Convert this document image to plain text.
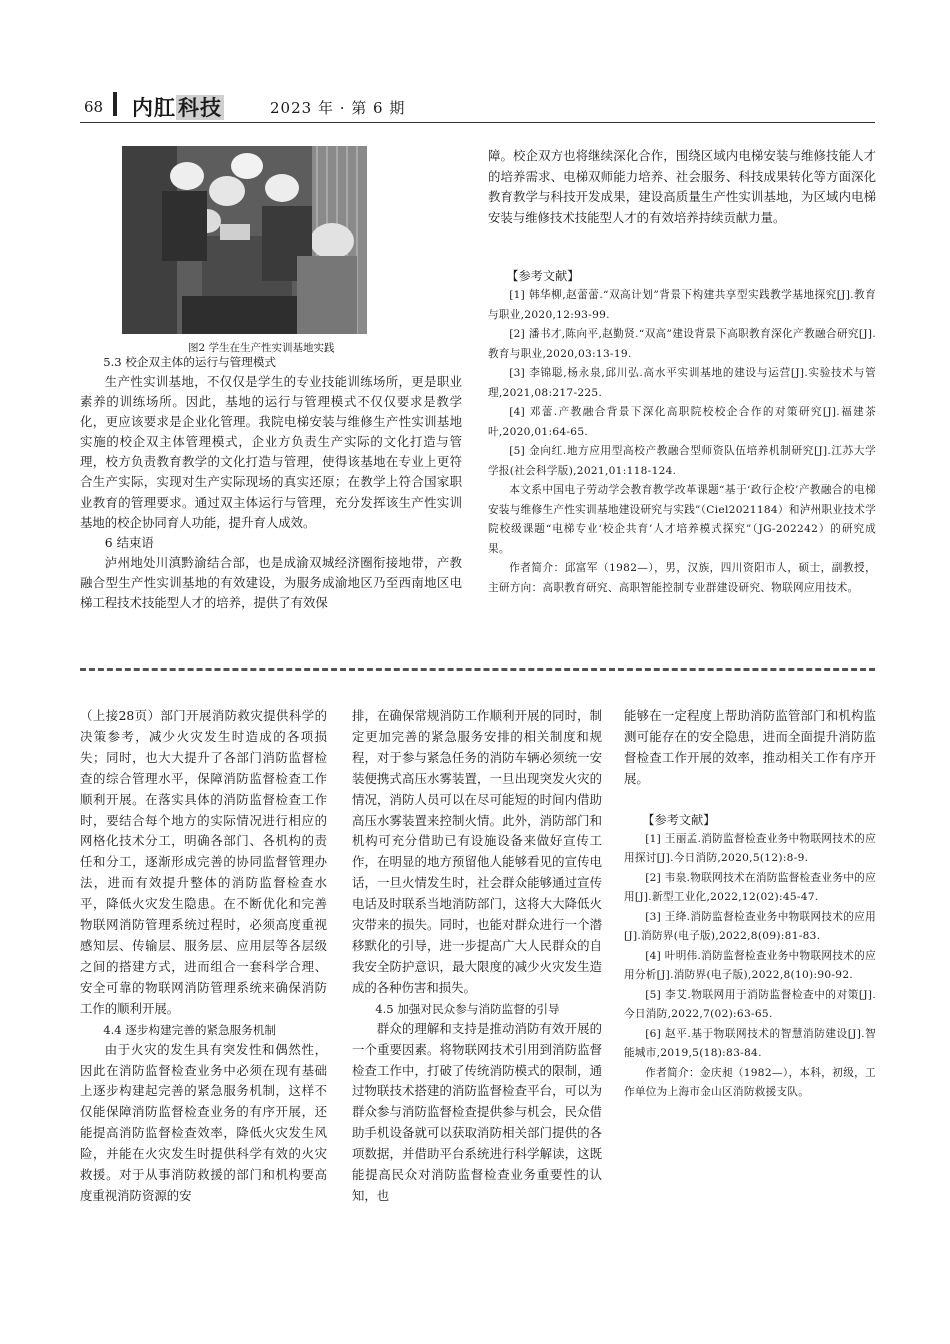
68 内肛科技	2023 年 · 第 6 期
图2 学生在生产性实训基地实践
5.3 校企双主体的运行与管理模式

生产性实训基地，不仅仅是学生的专业技能训练场所，更是职业素养的训练场所。因此，基地的运行与管理模式不仅仅要求是教学化，更应该要求是企业化管理。我院电梯安装与维修生产性实训基地实施的校企双主体管理模式，企业方负责生产实际的文化打造与管理，校方负责教育教学的文化打造与管理，使得该基地在专业上更符合生产实际，实现对生产实际现场的真实还原；在教学上符合国家职业教育的管理要求。通过双主体运行与管理，充分发挥该生产性实训基地的校企协同育人功能，提升育人成效。

6 结束语

泸州地处川滇黔渝结合部，也是成渝双城经济圈衔接地带，产教融合型生产性实训基地的有效建设，为服务成渝地区乃至西南地区电梯工程技术技能型人才的培养，提供了有效保

障。校企双方也将继续深化合作，围绕区域内电梯安装与维修技能人才的培养需求、电梯双师能力培养、社会服务、科技成果转化等方面深化教育教学与科技开发成果，建设高质量生产性实训基地，为区域内电梯安装与维修技术技能型人才的有效培养持续贡献力量。

【参考文献】
[1] 韩华柳,赵蕾蕾.“双高计划”背景下构建共享型实践教学基地探究[J].教育与职业,2020,12:93-99.
[2] 潘书才,陈向平,赵勤贤.“双高”建设背景下高职教育深化产教融合研究[J].教育与职业,2020,03:13-19.
[3] 李锦聪,杨永泉,邱川弘.高水平实训基地的建设与运营[J].实验技术与管理,2021,08:217-225.
[4] 邓蕾.产教融合背景下深化高职院校校企合作的对策研究[J].福建茶叶,2020,01:64-65.
[5] 金向红.地方应用型高校产教融合型师资队伍培养机制研究[J].江苏大学学报(社会科学版),2021,01:118-124.
本文系中国电子劳动学会教育教学改革课题“基于‘政行企校’产教融合的电梯安装与维修生产性实训基地建设研究与实践”（Ciel2021184）和泸州职业技术学院校级课题“电梯专业‘校企共育’人才培养模式探究”（JG-202242）的研究成果。
作者简介：邱富军（1982—），男，汉族，四川资阳市人，硕士，副教授，主研方向：高职教育研究、高职智能控制专业群建设研究、物联网应用技术。

（上接28页）部门开展消防救灾提供科学的决策参考，减少火灾发生时造成的各项损失；同时，也大大提升了各部门消防监督检查的综合管理水平，保障消防监督检查工作顺利开展。在落实具体的消防监督检查工作时，要结合每个地方的实际情况进行相应的网格化技术分工，明确各部门、各机构的责任和分工，逐渐形成完善的协同监督管理办法，进而有效提升整体的消防监督检查水平，降低火灾发生隐患。在不断优化和完善物联网消防管理系统过程时，必须高度重视感知层、传输层、服务层、应用层等各层级之间的搭建方式，进而组合一套科学合理、安全可靠的物联网消防管理系统来确保消防工作的顺利开展。

4.4 逐步构建完善的紧急服务机制

由于火灾的发生具有突发性和偶然性，因此在消防监督检查业务中必须在现有基础上逐步构建起完善的紧急服务机制，这样不仅能保障消防监督检查业务的有序开展，还能提高消防监督检查效率，降低火灾发生风险，并能在火灾发生时提供科学有效的火灾救援。对于从事消防救援的部门和机构要高度重视消防资源的安

排，在确保常规消防工作顺利开展的同时，制定更加完善的紧急服务安排的相关制度和规程，对于参与紧急任务的消防车辆必须统一安装便携式高压水雾装置，一旦出现突发火灾的情况，消防人员可以在尽可能短的时间内借助高压水雾装置来控制火情。此外，消防部门和机构可充分借助已有设施设备来做好宣传工作，在明显的地方预留他人能够看见的宣传电话，一旦火情发生时，社会群众能够通过宣传电话及时联系当地消防部门，这将大大降低火灾带来的损失。同时，也能对群众进行一个潜移默化的引导，进一步提高广大人民群众的自我安全防护意识，最大限度的减少火灾发生造成的各种伤害和损失。

4.5 加强对民众参与消防监督的引导

群众的理解和支持是推动消防有效开展的一个重要因素。将物联网技术引用到消防监督检查工作中，打破了传统消防模式的限制，通过物联技术搭建的消防监督检查平台，可以为群众参与消防监督检查提供参与机会，民众借助手机设备就可以获取消防相关部门提供的各项数据，并借助平台系统进行科学解读，这既能提高民众对消防监督检查业务重要性的认知，也

能够在一定程度上帮助消防监管部门和机构监测可能存在的安全隐患，进而全面提升消防监督检查工作开展的效率，推动相关工作有序开展。

【参考文献】
[1] 王丽孟.消防监督检查业务中物联网技术的应用探讨[J].今日消防,2020,5(12):8-9.
[2] 韦泉.物联网技术在消防监督检查业务中的应用[J].新型工业化,2022,12(02):45-47.
[3] 王绛.消防监督检查业务中物联网技术的应用[J].消防界(电子版),2022,8(09):81-83.
[4] 叶明伟.消防监督检查业务中物联网技术的应用分析[J].消防界(电子版),2022,8(10):90-92.
[5] 李艾.物联网用于消防监督检查中的对策[J].今日消防,2022,7(02):63-65.
[6] 赵平.基于物联网技术的智慧消防建设[J].智能城市,2019,5(18):83-84.
作者简介：金庆昶（1982—），本科，初级，工作单位为上海市金山区消防救援支队。
